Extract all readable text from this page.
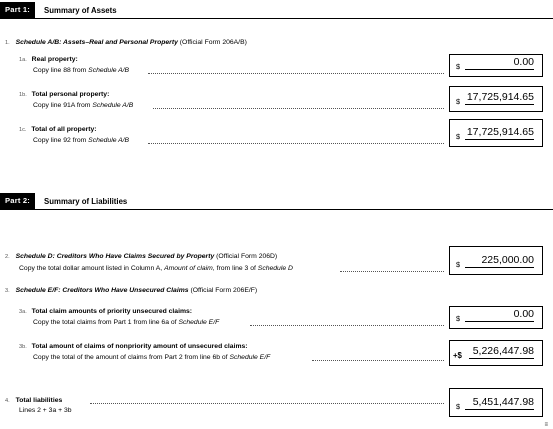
Part 1:	Summary of Assets
1. Schedule A/B: Assets–Real and Personal Property (Official Form 206A/B)
1a. Real property:
Copy line 88 from Schedule A/B	$	0.00
1b. Total personal property:
Copy line 91A from Schedule A/B	$ 17,725,914.65
1c. Total of all property:
Copy line 92 from Schedule A/B	$ 17,725,914.65
Part 2:	Summary of Liabilities
2. Schedule D: Creditors Who Have Claims Secured by Property (Official Form 206D)
Copy the total dollar amount listed in Column A, Amount of claim, from line 3 of Schedule D	$ 225,000.00
3. Schedule E/F: Creditors Who Have Unsecured Claims (Official Form 206E/F)
3a. Total claim amounts of priority unsecured claims:
Copy the total claims from Part 1 from line 6a of Schedule E/F	$	0.00
3b. Total amount of claims of nonpriority amount of unsecured claims:
Copy the total of the amount of claims from Part 2 from line 6b of Schedule E/F	+$ 5,226,447.98
4. Total liabilities
Lines 2 + 3a + 3b	$ 5,451,447.98
≡
